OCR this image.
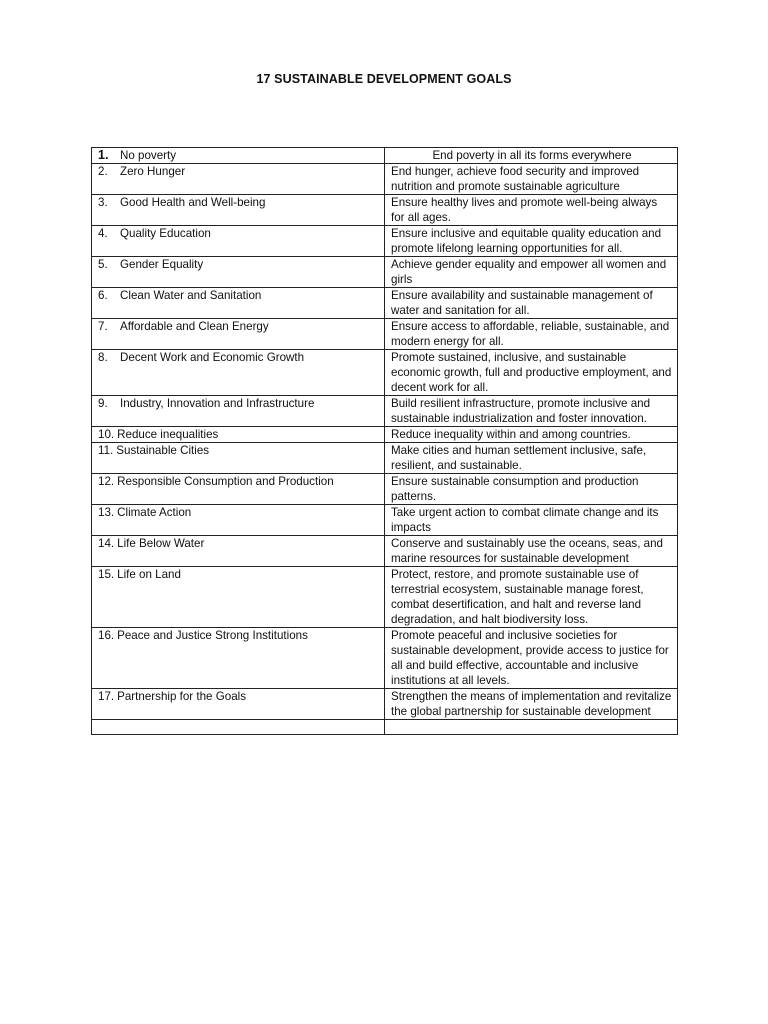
17 SUSTAINABLE DEVELOPMENT GOALS
1. No poverty	End poverty in all its forms everywhere
2. Zero Hunger	End hunger, achieve food security and improved nutrition and promote sustainable agriculture
3. Good Health and Well-being	Ensure healthy lives and promote well-being always for all ages.
4. Quality Education	Ensure inclusive and equitable quality education and promote lifelong learning opportunities for all.
5. Gender Equality	Achieve gender equality and empower all women and girls
6. Clean Water and Sanitation	Ensure availability and sustainable management of water and sanitation for all.
7. Affordable and Clean Energy	Ensure access to affordable, reliable, sustainable, and modern energy for all.
8. Decent Work and Economic Growth	Promote sustained, inclusive, and sustainable economic growth, full and productive employment, and decent work for all.
9. Industry, Innovation and Infrastructure	Build resilient infrastructure, promote inclusive and sustainable industrialization and foster innovation.
10. Reduce inequalities	Reduce inequality within and among countries.
11. Sustainable Cities	Make cities and human settlement inclusive, safe, resilient, and sustainable.
12. Responsible Consumption and Production	Ensure sustainable consumption and production patterns.
13. Climate Action	Take urgent action to combat climate change and its impacts
14. Life Below Water	Conserve and sustainably use the oceans, seas, and marine resources for sustainable development
15. Life on Land	Protect, restore, and promote sustainable use of terrestrial ecosystem, sustainable manage forest, combat desertification, and halt and reverse land degradation, and halt biodiversity loss.
16. Peace and Justice Strong Institutions	Promote peaceful and inclusive societies for sustainable development, provide access to justice for all and build effective, accountable and inclusive institutions at all levels.
17. Partnership for the Goals	Strengthen the means of implementation and revitalize the global partnership for sustainable development
